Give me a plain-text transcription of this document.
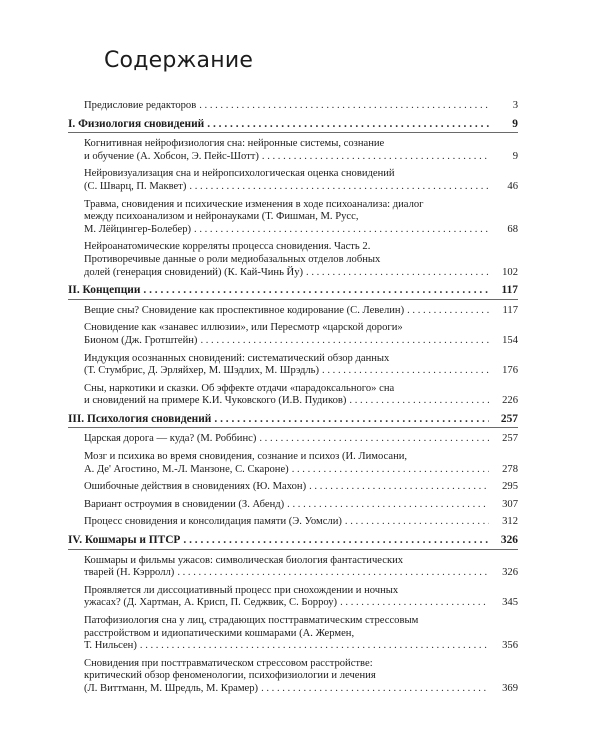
Содержание
Предисловие редакторов . . .	3
I. Физиология сновидений . . .	9
Когнитивная нейрофизиология сна: нейронные системы, сознание
и обучение (А. Хобсон, Э. Пейс-Шотт) . . .	9
Нейровизуализация сна и нейропсихологическая оценка сновидений
(С. Шварц, П. Маквет) . . .	46
Травма, сновидения и психические изменения в ходе психоанализа: диалог
между психоанализом и нейронауками (Т. Фишман, М. Русс,
М. Лёйцингер-Болебер) . . .	68
Нейроанатомические корреляты процесса сновидения. Часть 2.
Противоречивые данные о роли медиобазальных отделов лобных
долей (генерация сновидений) (К. Кай-Чинь Йу) . . .	102
II. Концепции . . .	117
Вещие сны? Сновидение как проспективное кодирование (С. Левелин) . . .	117
Сновидение как «занавес иллюзии», или Пересмотр «царской дороги»
Бионом (Дж. Гротштейн) . . .	154
Индукция осознанных сновидений: систематический обзор данных
(Т. Стумбрис, Д. Эрляйхер, М. Шэдлих, М. Шрэдль) . . .	176
Сны, наркотики и сказки. Об эффекте отдачи «парадоксального» сна
и сновидений на примере К.И. Чуковского (И.В. Пудиков) . . .	226
III. Психология сновидений . . .	257
Царская дорога — куда? (М. Роббинс) . . .	257
Мозг и психика во время сновидения, сознание и психоз (И. Лимосани,
А. Де' Агостино, М.-Л. Манзоне, С. Скароне) . . .	278
Ошибочные действия в сновидениях (Ю. Махон) . . .	295
Вариант остроумия в сновидении (З. Абенд) . . .	307
Процесс сновидения и консолидация памяти (Э. Уомсли) . . .	312
IV. Кошмары и ПТСР . . .	326
Кошмары и фильмы ужасов: символическая биология фантастических
тварей (Н. Кэрролл) . . .	326
Проявляется ли диссоциативный процесс при снохождении и ночных
ужасах? (Д. Хартман, А. Крисп, П. Седжвик, С. Борроу) . . .	345
Патофизиология сна у лиц, страдающих посттравматическим стрессовым
расстройством и идиопатическими кошмарами (А. Жермен,
Т. Нильсен) . . .	356
Сновидения при посттравматическом стрессовом расстройстве:
критический обзор феноменологии, психофизиологии и лечения
(Л. Виттманн, М. Шредль, М. Крамер) . . .	369
